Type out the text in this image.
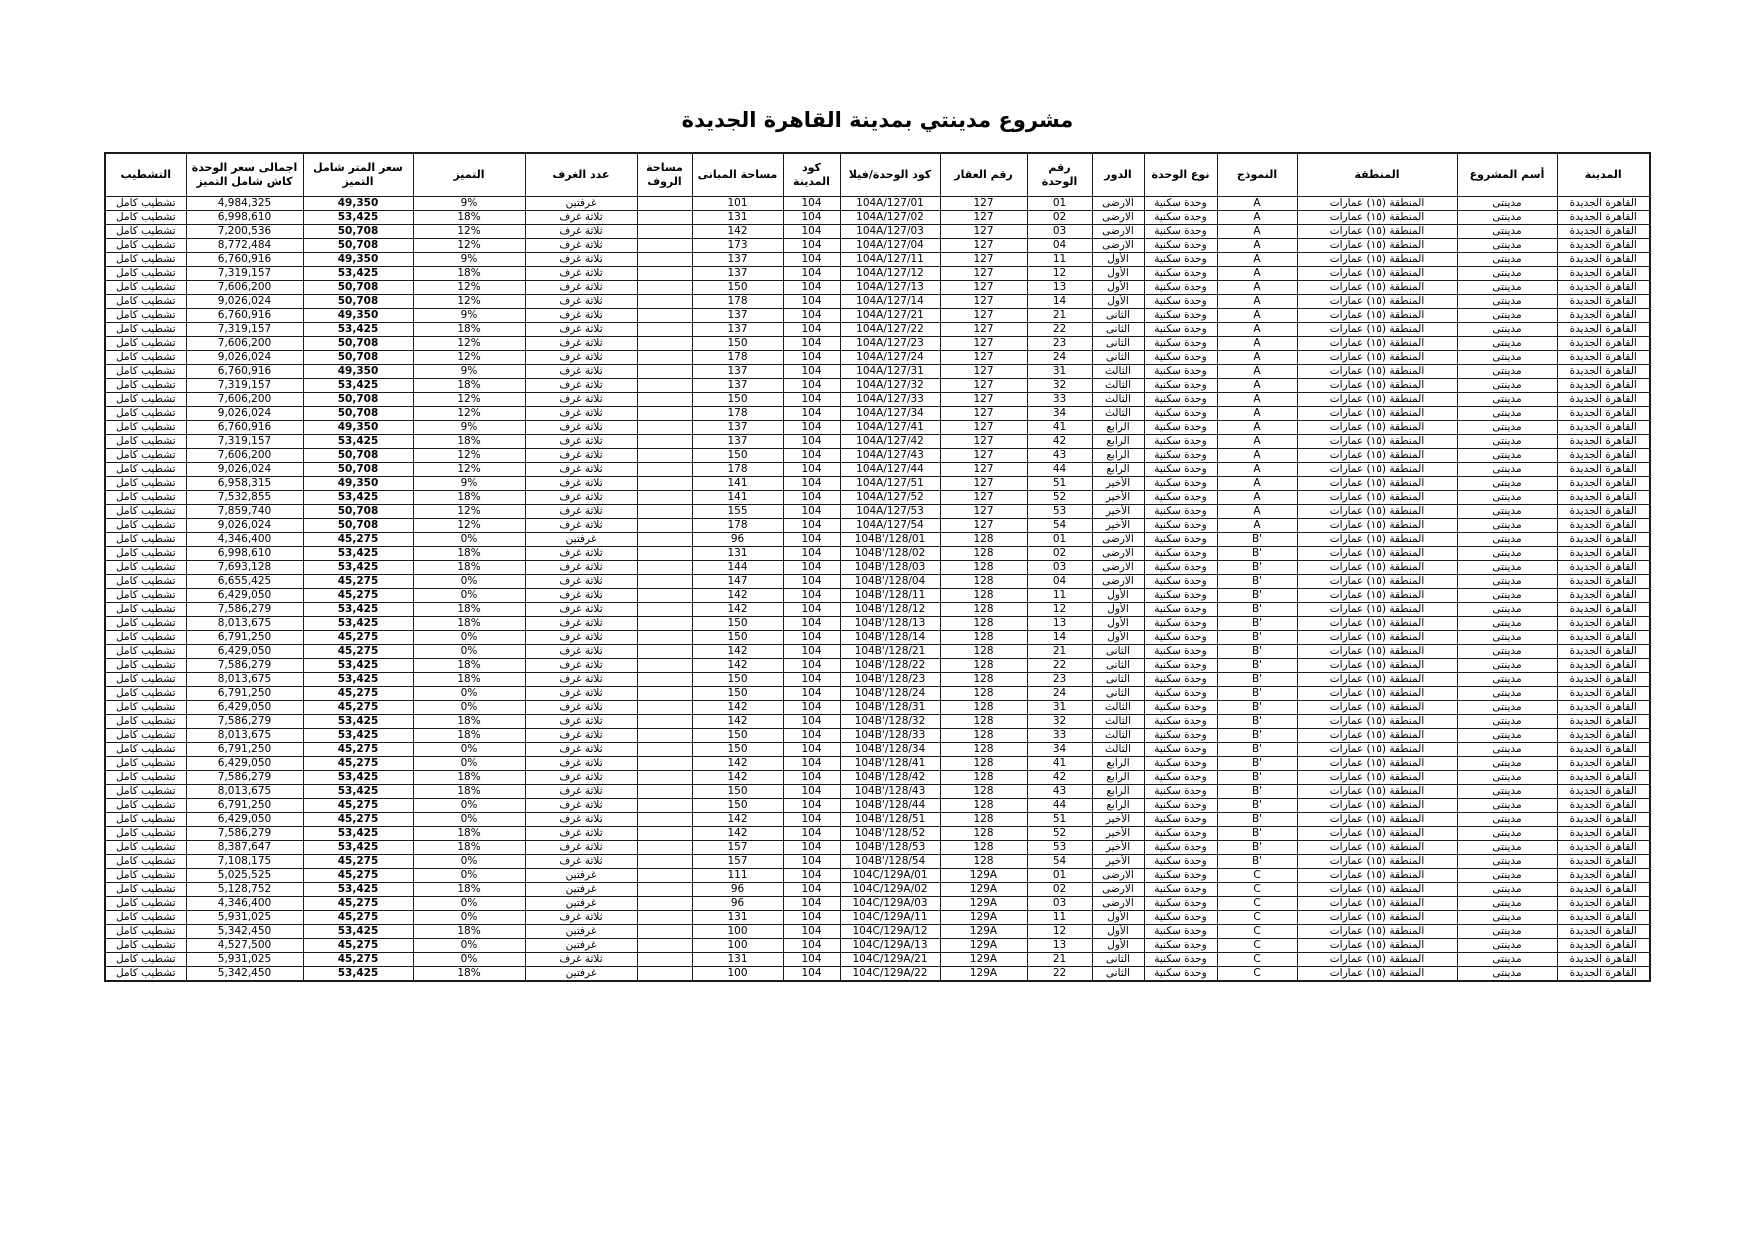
مشروع مدينتي بمدينة القاهرة الجديدة
المدينة	أسم المشروع	المنطقة	النموذج	نوع الوحدة	الدور	رقم الوحدة	رقم العقار	كود الوحدة/فيلا	كود المدينة	مساحة المبانى	مساحة الروف	عدد الغرف	التميز	سعر المتر شامل التميز	اجمالى سعر الوحدة كاش شامل التميز	التشطيب
القاهرة الجديدة	مدينتى	المنطقة (١٥) عمارات	A	وحدة سكنية	الارضى	01	127	104A/127/01	104	101		غرفتين	9%	49,350	4,984,325	تشطيب كامل
القاهرة الجديدة	مدينتى	المنطقة (١٥) عمارات	A	وحدة سكنية	الارضى	02	127	104A/127/02	104	131		ثلاثة غرف	18%	53,425	6,998,610	تشطيب كامل
القاهرة الجديدة	مدينتى	المنطقة (١٥) عمارات	A	وحدة سكنية	الارضى	03	127	104A/127/03	104	142		ثلاثة غرف	12%	50,708	7,200,536	تشطيب كامل
القاهرة الجديدة	مدينتى	المنطقة (١٥) عمارات	A	وحدة سكنية	الارضى	04	127	104A/127/04	104	173		ثلاثة غرف	12%	50,708	8,772,484	تشطيب كامل
القاهرة الجديدة	مدينتى	المنطقة (١٥) عمارات	A	وحدة سكنية	الأول	11	127	104A/127/11	104	137		ثلاثة غرف	9%	49,350	6,760,916	تشطيب كامل
القاهرة الجديدة	مدينتى	المنطقة (١٥) عمارات	A	وحدة سكنية	الأول	12	127	104A/127/12	104	137		ثلاثة غرف	18%	53,425	7,319,157	تشطيب كامل
القاهرة الجديدة	مدينتى	المنطقة (١٥) عمارات	A	وحدة سكنية	الأول	13	127	104A/127/13	104	150		ثلاثة غرف	12%	50,708	7,606,200	تشطيب كامل
القاهرة الجديدة	مدينتى	المنطقة (١٥) عمارات	A	وحدة سكنية	الأول	14	127	104A/127/14	104	178		ثلاثة غرف	12%	50,708	9,026,024	تشطيب كامل
القاهرة الجديدة	مدينتى	المنطقة (١٥) عمارات	A	وحدة سكنية	الثانى	21	127	104A/127/21	104	137		ثلاثة غرف	9%	49,350	6,760,916	تشطيب كامل
القاهرة الجديدة	مدينتى	المنطقة (١٥) عمارات	A	وحدة سكنية	الثانى	22	127	104A/127/22	104	137		ثلاثة غرف	18%	53,425	7,319,157	تشطيب كامل
القاهرة الجديدة	مدينتى	المنطقة (١٥) عمارات	A	وحدة سكنية	الثانى	23	127	104A/127/23	104	150		ثلاثة غرف	12%	50,708	7,606,200	تشطيب كامل
القاهرة الجديدة	مدينتى	المنطقة (١٥) عمارات	A	وحدة سكنية	الثانى	24	127	104A/127/24	104	178		ثلاثة غرف	12%	50,708	9,026,024	تشطيب كامل
القاهرة الجديدة	مدينتى	المنطقة (١٥) عمارات	A	وحدة سكنية	الثالث	31	127	104A/127/31	104	137		ثلاثة غرف	9%	49,350	6,760,916	تشطيب كامل
القاهرة الجديدة	مدينتى	المنطقة (١٥) عمارات	A	وحدة سكنية	الثالث	32	127	104A/127/32	104	137		ثلاثة غرف	18%	53,425	7,319,157	تشطيب كامل
القاهرة الجديدة	مدينتى	المنطقة (١٥) عمارات	A	وحدة سكنية	الثالث	33	127	104A/127/33	104	150		ثلاثة غرف	12%	50,708	7,606,200	تشطيب كامل
القاهرة الجديدة	مدينتى	المنطقة (١٥) عمارات	A	وحدة سكنية	الثالث	34	127	104A/127/34	104	178		ثلاثة غرف	12%	50,708	9,026,024	تشطيب كامل
القاهرة الجديدة	مدينتى	المنطقة (١٥) عمارات	A	وحدة سكنية	الرابع	41	127	104A/127/41	104	137		ثلاثة غرف	9%	49,350	6,760,916	تشطيب كامل
القاهرة الجديدة	مدينتى	المنطقة (١٥) عمارات	A	وحدة سكنية	الرابع	42	127	104A/127/42	104	137		ثلاثة غرف	18%	53,425	7,319,157	تشطيب كامل
القاهرة الجديدة	مدينتى	المنطقة (١٥) عمارات	A	وحدة سكنية	الرابع	43	127	104A/127/43	104	150		ثلاثة غرف	12%	50,708	7,606,200	تشطيب كامل
القاهرة الجديدة	مدينتى	المنطقة (١٥) عمارات	A	وحدة سكنية	الرابع	44	127	104A/127/44	104	178		ثلاثة غرف	12%	50,708	9,026,024	تشطيب كامل
القاهرة الجديدة	مدينتى	المنطقة (١٥) عمارات	A	وحدة سكنية	الأخير	51	127	104A/127/51	104	141		ثلاثة غرف	9%	49,350	6,958,315	تشطيب كامل
القاهرة الجديدة	مدينتى	المنطقة (١٥) عمارات	A	وحدة سكنية	الأخير	52	127	104A/127/52	104	141		ثلاثة غرف	18%	53,425	7,532,855	تشطيب كامل
القاهرة الجديدة	مدينتى	المنطقة (١٥) عمارات	A	وحدة سكنية	الأخير	53	127	104A/127/53	104	155		ثلاثة غرف	12%	50,708	7,859,740	تشطيب كامل
القاهرة الجديدة	مدينتى	المنطقة (١٥) عمارات	A	وحدة سكنية	الأخير	54	127	104A/127/54	104	178		ثلاثة غرف	12%	50,708	9,026,024	تشطيب كامل
القاهرة الجديدة	مدينتى	المنطقة (١٥) عمارات	B'	وحدة سكنية	الارضى	01	128	104B'/128/01	104	96		غرفتين	0%	45,275	4,346,400	تشطيب كامل
القاهرة الجديدة	مدينتى	المنطقة (١٥) عمارات	B'	وحدة سكنية	الارضى	02	128	104B'/128/02	104	131		ثلاثة غرف	18%	53,425	6,998,610	تشطيب كامل
القاهرة الجديدة	مدينتى	المنطقة (١٥) عمارات	B'	وحدة سكنية	الارضى	03	128	104B'/128/03	104	144		ثلاثة غرف	18%	53,425	7,693,128	تشطيب كامل
القاهرة الجديدة	مدينتى	المنطقة (١٥) عمارات	B'	وحدة سكنية	الارضى	04	128	104B'/128/04	104	147		ثلاثة غرف	0%	45,275	6,655,425	تشطيب كامل
القاهرة الجديدة	مدينتى	المنطقة (١٥) عمارات	B'	وحدة سكنية	الأول	11	128	104B'/128/11	104	142		ثلاثة غرف	0%	45,275	6,429,050	تشطيب كامل
القاهرة الجديدة	مدينتى	المنطقة (١٥) عمارات	B'	وحدة سكنية	الأول	12	128	104B'/128/12	104	142		ثلاثة غرف	18%	53,425	7,586,279	تشطيب كامل
القاهرة الجديدة	مدينتى	المنطقة (١٥) عمارات	B'	وحدة سكنية	الأول	13	128	104B'/128/13	104	150		ثلاثة غرف	18%	53,425	8,013,675	تشطيب كامل
القاهرة الجديدة	مدينتى	المنطقة (١٥) عمارات	B'	وحدة سكنية	الأول	14	128	104B'/128/14	104	150		ثلاثة غرف	0%	45,275	6,791,250	تشطيب كامل
القاهرة الجديدة	مدينتى	المنطقة (١٥) عمارات	B'	وحدة سكنية	الثانى	21	128	104B'/128/21	104	142		ثلاثة غرف	0%	45,275	6,429,050	تشطيب كامل
القاهرة الجديدة	مدينتى	المنطقة (١٥) عمارات	B'	وحدة سكنية	الثانى	22	128	104B'/128/22	104	142		ثلاثة غرف	18%	53,425	7,586,279	تشطيب كامل
القاهرة الجديدة	مدينتى	المنطقة (١٥) عمارات	B'	وحدة سكنية	الثانى	23	128	104B'/128/23	104	150		ثلاثة غرف	18%	53,425	8,013,675	تشطيب كامل
القاهرة الجديدة	مدينتى	المنطقة (١٥) عمارات	B'	وحدة سكنية	الثانى	24	128	104B'/128/24	104	150		ثلاثة غرف	0%	45,275	6,791,250	تشطيب كامل
القاهرة الجديدة	مدينتى	المنطقة (١٥) عمارات	B'	وحدة سكنية	الثالث	31	128	104B'/128/31	104	142		ثلاثة غرف	0%	45,275	6,429,050	تشطيب كامل
القاهرة الجديدة	مدينتى	المنطقة (١٥) عمارات	B'	وحدة سكنية	الثالث	32	128	104B'/128/32	104	142		ثلاثة غرف	18%	53,425	7,586,279	تشطيب كامل
القاهرة الجديدة	مدينتى	المنطقة (١٥) عمارات	B'	وحدة سكنية	الثالث	33	128	104B'/128/33	104	150		ثلاثة غرف	18%	53,425	8,013,675	تشطيب كامل
القاهرة الجديدة	مدينتى	المنطقة (١٥) عمارات	B'	وحدة سكنية	الثالث	34	128	104B'/128/34	104	150		ثلاثة غرف	0%	45,275	6,791,250	تشطيب كامل
القاهرة الجديدة	مدينتى	المنطقة (١٥) عمارات	B'	وحدة سكنية	الرابع	41	128	104B'/128/41	104	142		ثلاثة غرف	0%	45,275	6,429,050	تشطيب كامل
القاهرة الجديدة	مدينتى	المنطقة (١٥) عمارات	B'	وحدة سكنية	الرابع	42	128	104B'/128/42	104	142		ثلاثة غرف	18%	53,425	7,586,279	تشطيب كامل
القاهرة الجديدة	مدينتى	المنطقة (١٥) عمارات	B'	وحدة سكنية	الرابع	43	128	104B'/128/43	104	150		ثلاثة غرف	18%	53,425	8,013,675	تشطيب كامل
القاهرة الجديدة	مدينتى	المنطقة (١٥) عمارات	B'	وحدة سكنية	الرابع	44	128	104B'/128/44	104	150		ثلاثة غرف	0%	45,275	6,791,250	تشطيب كامل
القاهرة الجديدة	مدينتى	المنطقة (١٥) عمارات	B'	وحدة سكنية	الأخير	51	128	104B'/128/51	104	142		ثلاثة غرف	0%	45,275	6,429,050	تشطيب كامل
القاهرة الجديدة	مدينتى	المنطقة (١٥) عمارات	B'	وحدة سكنية	الأخير	52	128	104B'/128/52	104	142		ثلاثة غرف	18%	53,425	7,586,279	تشطيب كامل
القاهرة الجديدة	مدينتى	المنطقة (١٥) عمارات	B'	وحدة سكنية	الأخير	53	128	104B'/128/53	104	157		ثلاثة غرف	18%	53,425	8,387,647	تشطيب كامل
القاهرة الجديدة	مدينتى	المنطقة (١٥) عمارات	B'	وحدة سكنية	الأخير	54	128	104B'/128/54	104	157		ثلاثة غرف	0%	45,275	7,108,175	تشطيب كامل
القاهرة الجديدة	مدينتى	المنطقة (١٥) عمارات	C	وحدة سكنية	الارضى	01	129A	104C/129A/01	104	111		غرفتين	0%	45,275	5,025,525	تشطيب كامل
القاهرة الجديدة	مدينتى	المنطقة (١٥) عمارات	C	وحدة سكنية	الارضى	02	129A	104C/129A/02	104	96		غرفتين	18%	53,425	5,128,752	تشطيب كامل
القاهرة الجديدة	مدينتى	المنطقة (١٥) عمارات	C	وحدة سكنية	الارضى	03	129A	104C/129A/03	104	96		غرفتين	0%	45,275	4,346,400	تشطيب كامل
القاهرة الجديدة	مدينتى	المنطقة (١٥) عمارات	C	وحدة سكنية	الأول	11	129A	104C/129A/11	104	131		ثلاثة غرف	0%	45,275	5,931,025	تشطيب كامل
القاهرة الجديدة	مدينتى	المنطقة (١٥) عمارات	C	وحدة سكنية	الأول	12	129A	104C/129A/12	104	100		غرفتين	18%	53,425	5,342,450	تشطيب كامل
القاهرة الجديدة	مدينتى	المنطقة (١٥) عمارات	C	وحدة سكنية	الأول	13	129A	104C/129A/13	104	100		غرفتين	0%	45,275	4,527,500	تشطيب كامل
القاهرة الجديدة	مدينتى	المنطقة (١٥) عمارات	C	وحدة سكنية	الثانى	21	129A	104C/129A/21	104	131		ثلاثة غرف	0%	45,275	5,931,025	تشطيب كامل
القاهرة الجديدة	مدينتى	المنطقة (١٥) عمارات	C	وحدة سكنية	الثانى	22	129A	104C/129A/22	104	100		غرفتين	18%	53,425	5,342,450	تشطيب كامل
